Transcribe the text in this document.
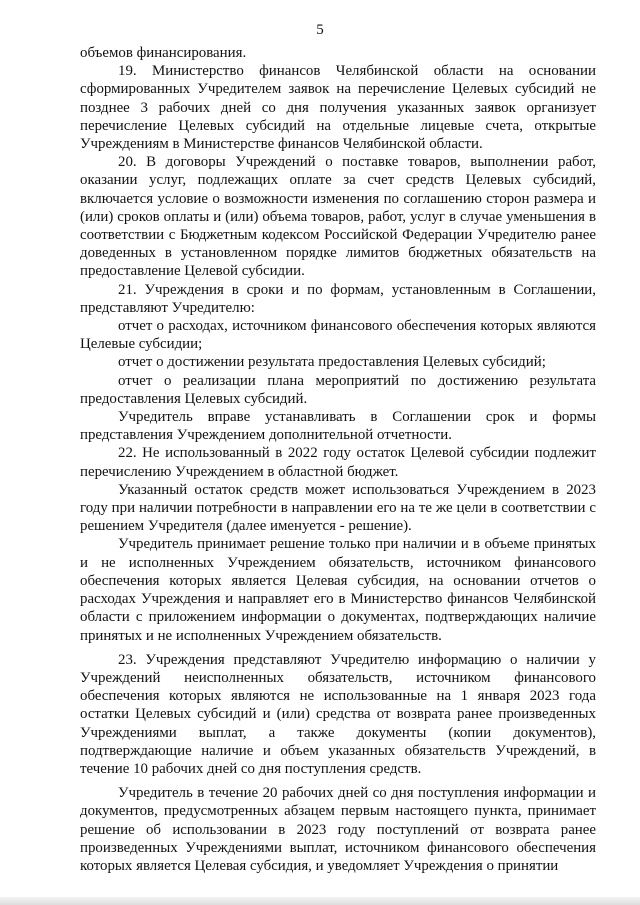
5

объемов финансирования.

19. Министерство финансов Челябинской области на основании сформированных Учредителем заявок на перечисление Целевых субсидий не позднее 3 рабочих дней со дня получения указанных заявок организует перечисление Целевых субсидий на отдельные лицевые счета, открытые Учреждениям в Министерстве финансов Челябинской области.

20. В договоры Учреждений о поставке товаров, выполнении работ, оказании услуг, подлежащих оплате за счет средств Целевых субсидий, включается условие о возможности изменения по соглашению сторон размера и (или) сроков оплаты и (или) объема товаров, работ, услуг в случае уменьшения в соответствии с Бюджетным кодексом Российской Федерации Учредителю ранее доведенных в установленном порядке лимитов бюджетных обязательств на предоставление Целевой субсидии.

21. Учреждения в сроки и по формам, установленным в Соглашении, представляют Учредителю:

отчет о расходах, источником финансового обеспечения которых являются Целевые субсидии;

отчет о достижении результата предоставления Целевых субсидий;

отчет о реализации плана мероприятий по достижению результата предоставления Целевых субсидий.

Учредитель вправе устанавливать в Соглашении срок и формы представления Учреждением дополнительной отчетности.

22. Не использованный в 2022 году остаток Целевой субсидии подлежит перечислению Учреждением в областной бюджет.

Указанный остаток средств может использоваться Учреждением в 2023 году при наличии потребности в направлении его на те же цели в соответствии с решением Учредителя (далее именуется - решение).

Учредитель принимает решение только при наличии и в объеме принятых и не исполненных Учреждением обязательств, источником финансового обеспечения которых является Целевая субсидия, на основании отчетов о расходах Учреждения и направляет его в Министерство финансов Челябинской области с приложением информации о документах, подтверждающих наличие принятых и не исполненных Учреждением обязательств.

23. Учреждения представляют Учредителю информацию о наличии у Учреждений неисполненных обязательств, источником финансового обеспечения которых являются не использованные на 1 января 2023 года остатки Целевых субсидий и (или) средства от возврата ранее произведенных Учреждениями выплат, а также документы (копии документов), подтверждающие наличие и объем указанных обязательств Учреждений, в течение 10 рабочих дней со дня поступления средств.

Учредитель в течение 20 рабочих дней со дня поступления информации и документов, предусмотренных абзацем первым настоящего пункта, принимает решение об использовании в 2023 году поступлений от возврата ранее произведенных Учреждениями выплат, источником финансового обеспечения которых является Целевая субсидия, и уведомляет Учреждения о принятии
